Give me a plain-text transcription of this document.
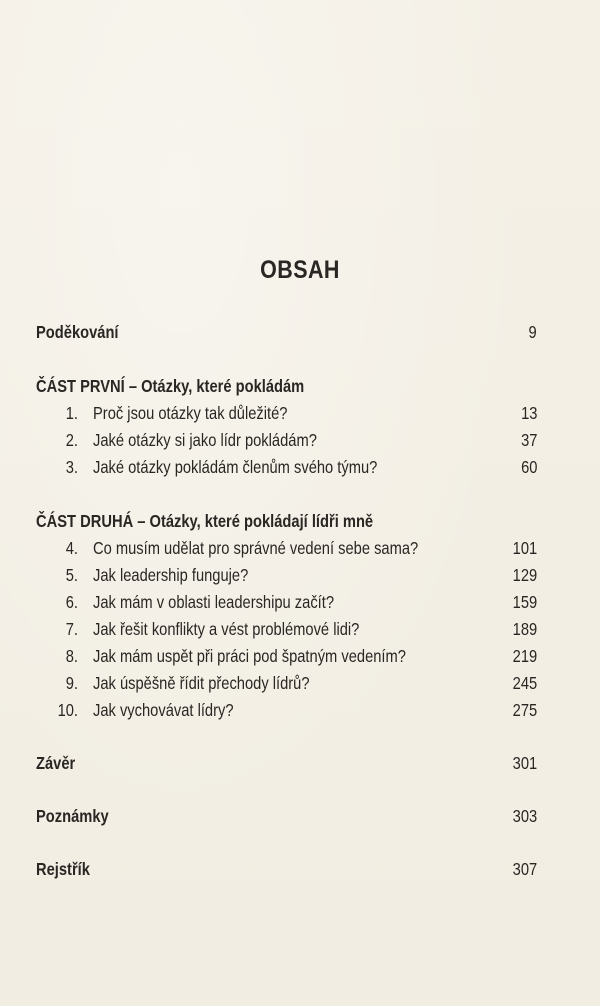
OBSAH
Poděkování	9
ČÁST PRVNÍ – Otázky, které pokládám
1. Proč jsou otázky tak důležité?	13
2. Jaké otázky si jako lídr pokládám?	37
3. Jaké otázky pokládám členům svého týmu?	60
ČÁST DRUHÁ – Otázky, které pokládají lídři mně
4. Co musím udělat pro správné vedení sebe sama?	101
5. Jak leadership funguje?	129
6. Jak mám v oblasti leadershipu začít?	159
7. Jak řešit konflikty a vést problémové lidi?	189
8. Jak mám uspět při práci pod špatným vedením?	219
9. Jak úspěšně řídit přechody lídrů?	245
10. Jak vychovávat lídry?	275
Závěr	301
Poznámky	303
Rejstřík	307
